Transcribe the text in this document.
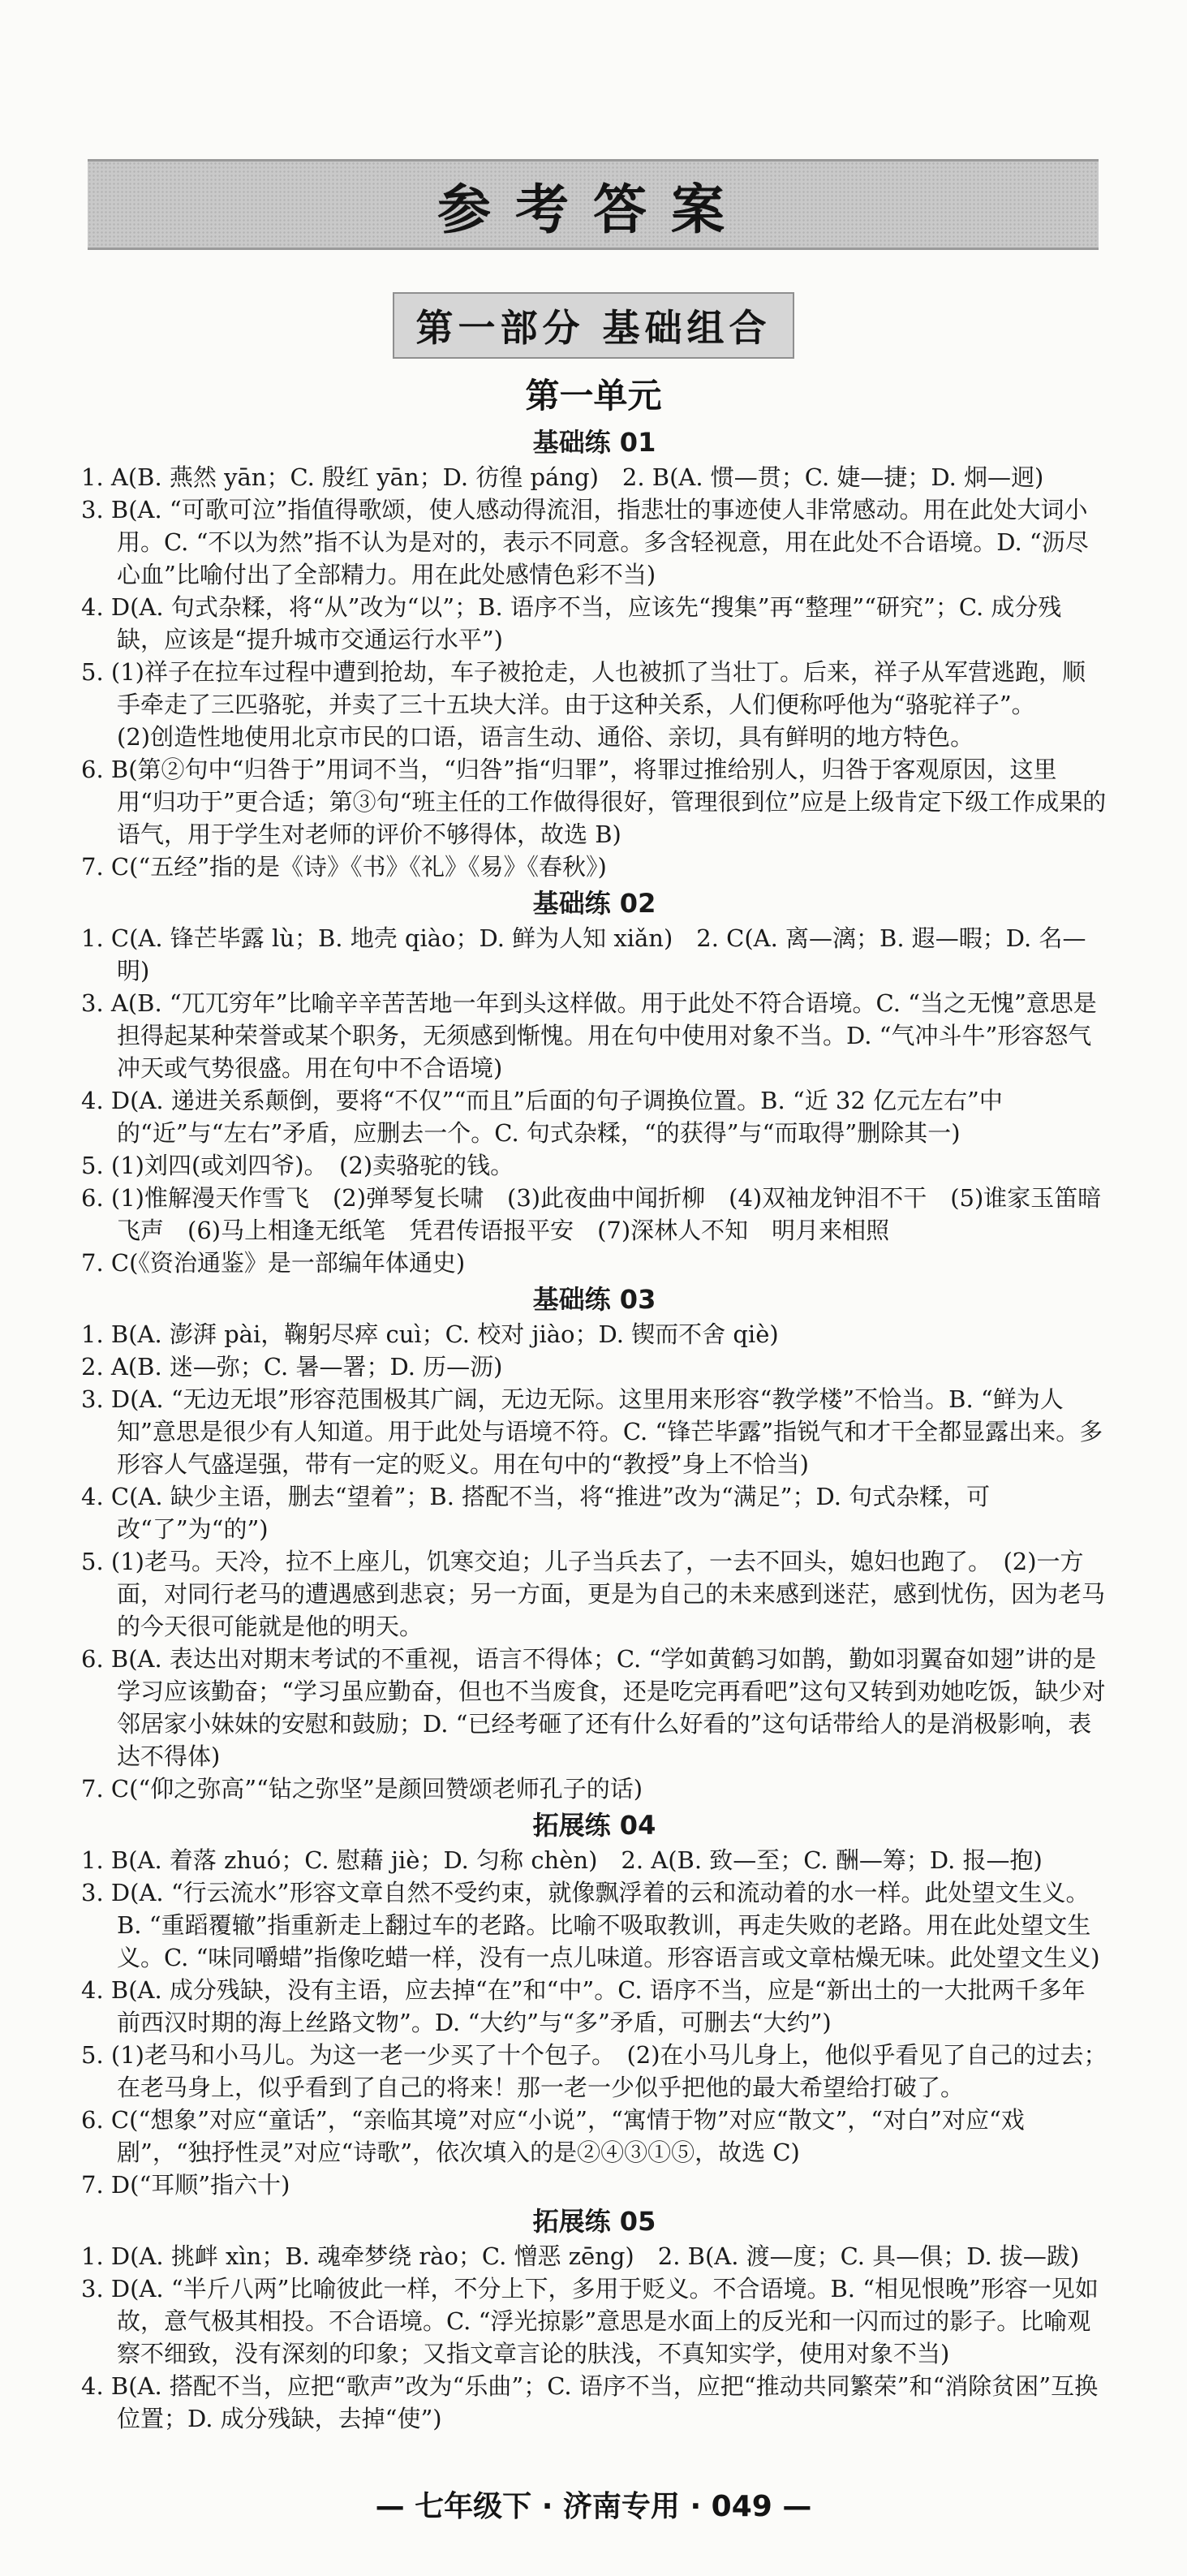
参考答案
第一部分 基础组合
第一单元
基础练 01
1. A(B. 燕然 yān；C. 殷红 yān；D. 彷徨 páng)　2. B(A. 惯—贯；C. 婕—捷；D. 炯—迥)
3. B(A. “可歌可泣”指值得歌颂，使人感动得流泪，指悲壮的事迹使人非常感动。用在此处大词小用。C. “不以为然”指不认为是对的，表示不同意。多含轻视意，用在此处不合语境。D. “沥尽心血”比喻付出了全部精力。用在此处感情色彩不当)
4. D(A. 句式杂糅，将“从”改为“以”；B. 语序不当，应该先“搜集”再“整理”“研究”；C. 成分残缺，应该是“提升城市交通运行水平”)
5. (1)祥子在拉车过程中遭到抢劫，车子被抢走，人也被抓了当壮丁。后来，祥子从军营逃跑，顺手牵走了三匹骆驼，并卖了三十五块大洋。由于这种关系，人们便称呼他为“骆驼祥子”。
(2)创造性地使用北京市民的口语，语言生动、通俗、亲切，具有鲜明的地方特色。
6. B(第②句中“归咎于”用词不当，“归咎”指“归罪”，将罪过推给别人，归咎于客观原因，这里用“归功于”更合适；第③句“班主任的工作做得很好，管理很到位”应是上级肯定下级工作成果的语气，用于学生对老师的评价不够得体，故选 B)
7. C(“五经”指的是《诗》《书》《礼》《易》《春秋》)
基础练 02
1. C(A. 锋芒毕露 lù；B. 地壳 qiào；D. 鲜为人知 xiǎn)　2. C(A. 离—漓；B. 遐—暇；D. 名—明)
3. A(B. “兀兀穷年”比喻辛辛苦苦地一年到头这样做。用于此处不符合语境。C. “当之无愧”意思是担得起某种荣誉或某个职务，无须感到惭愧。用在句中使用对象不当。D. “气冲斗牛”形容怒气冲天或气势很盛。用在句中不合语境)
4. D(A. 递进关系颠倒，要将“不仅”“而且”后面的句子调换位置。B. “近 32 亿元左右”中的“近”与“左右”矛盾，应删去一个。C. 句式杂糅，“的获得”与“而取得”删除其一)
5. (1)刘四(或刘四爷)。　(2)卖骆驼的钱。
6. (1)惟解漫天作雪飞　(2)弹琴复长啸　(3)此夜曲中闻折柳　(4)双袖龙钟泪不干　(5)谁家玉笛暗飞声　(6)马上相逢无纸笔　凭君传语报平安　(7)深林人不知　明月来相照
7. C(《资治通鉴》是一部编年体通史)
基础练 03
1. B(A. 澎湃 pài，鞠躬尽瘁 cuì；C. 校对 jiào；D. 锲而不舍 qiè)
2. A(B. 迷—弥；C. 暑—署；D. 历—沥)
3. D(A. “无边无垠”形容范围极其广阔，无边无际。这里用来形容“教学楼”不恰当。B. “鲜为人知”意思是很少有人知道。用于此处与语境不符。C. “锋芒毕露”指锐气和才干全都显露出来。多形容人气盛逞强，带有一定的贬义。用在句中的“教授”身上不恰当)
4. C(A. 缺少主语，删去“望着”；B. 搭配不当，将“推进”改为“满足”；D. 句式杂糅，可改“了”为“的”)
5. (1)老马。天冷，拉不上座儿，饥寒交迫；儿子当兵去了，一去不回头，媳妇也跑了。　(2)一方面，对同行老马的遭遇感到悲哀；另一方面，更是为自己的未来感到迷茫，感到忧伤，因为老马的今天很可能就是他的明天。
6. B(A. 表达出对期末考试的不重视，语言不得体；C. “学如黄鹤习如鹊，勤如羽翼奋如翅”讲的是学习应该勤奋；“学习虽应勤奋，但也不当废食，还是吃完再看吧”这句又转到劝她吃饭，缺少对邻居家小妹妹的安慰和鼓励；D. “已经考砸了还有什么好看的”这句话带给人的是消极影响，表达不得体)
7. C(“仰之弥高”“钻之弥坚”是颜回赞颂老师孔子的话)
拓展练 04
1. B(A. 着落 zhuó；C. 慰藉 jiè；D. 匀称 chèn)　2. A(B. 致—至；C. 酬—筹；D. 报—抱)
3. D(A. “行云流水”形容文章自然不受约束，就像飘浮着的云和流动着的水一样。此处望文生义。B. “重蹈覆辙”指重新走上翻过车的老路。比喻不吸取教训，再走失败的老路。用在此处望文生义。C. “味同嚼蜡”指像吃蜡一样，没有一点儿味道。形容语言或文章枯燥无味。此处望文生义)
4. B(A. 成分残缺，没有主语，应去掉“在”和“中”。C. 语序不当，应是“新出土的一大批两千多年前西汉时期的海上丝路文物”。D. “大约”与“多”矛盾，可删去“大约”)
5. (1)老马和小马儿。为这一老一少买了十个包子。　(2)在小马儿身上，他似乎看见了自己的过去；在老马身上，似乎看到了自己的将来！那一老一少似乎把他的最大希望给打破了。
6. C(“想象”对应“童话”，“亲临其境”对应“小说”，“寓情于物”对应“散文”，“对白”对应“戏剧”，“独抒性灵”对应“诗歌”，依次填入的是②④③①⑤，故选 C)
7. D(“耳顺”指六十)
拓展练 05
1. D(A. 挑衅 xìn；B. 魂牵梦绕 rào；C. 憎恶 zēng)　2. B(A. 渡—度；C. 具—俱；D. 拔—跋)
3. D(A. “半斤八两”比喻彼此一样，不分上下，多用于贬义。不合语境。B. “相见恨晚”形容一见如故，意气极其相投。不合语境。C. “浮光掠影”意思是水面上的反光和一闪而过的影子。比喻观察不细致，没有深刻的印象；又指文章言论的肤浅，不真知实学，使用对象不当)
4. B(A. 搭配不当，应把“歌声”改为“乐曲”；C. 语序不当，应把“推动共同繁荣”和“消除贫困”互换位置；D. 成分残缺，去掉“使”)
— 七年级下 · 济南专用 · 049 —
